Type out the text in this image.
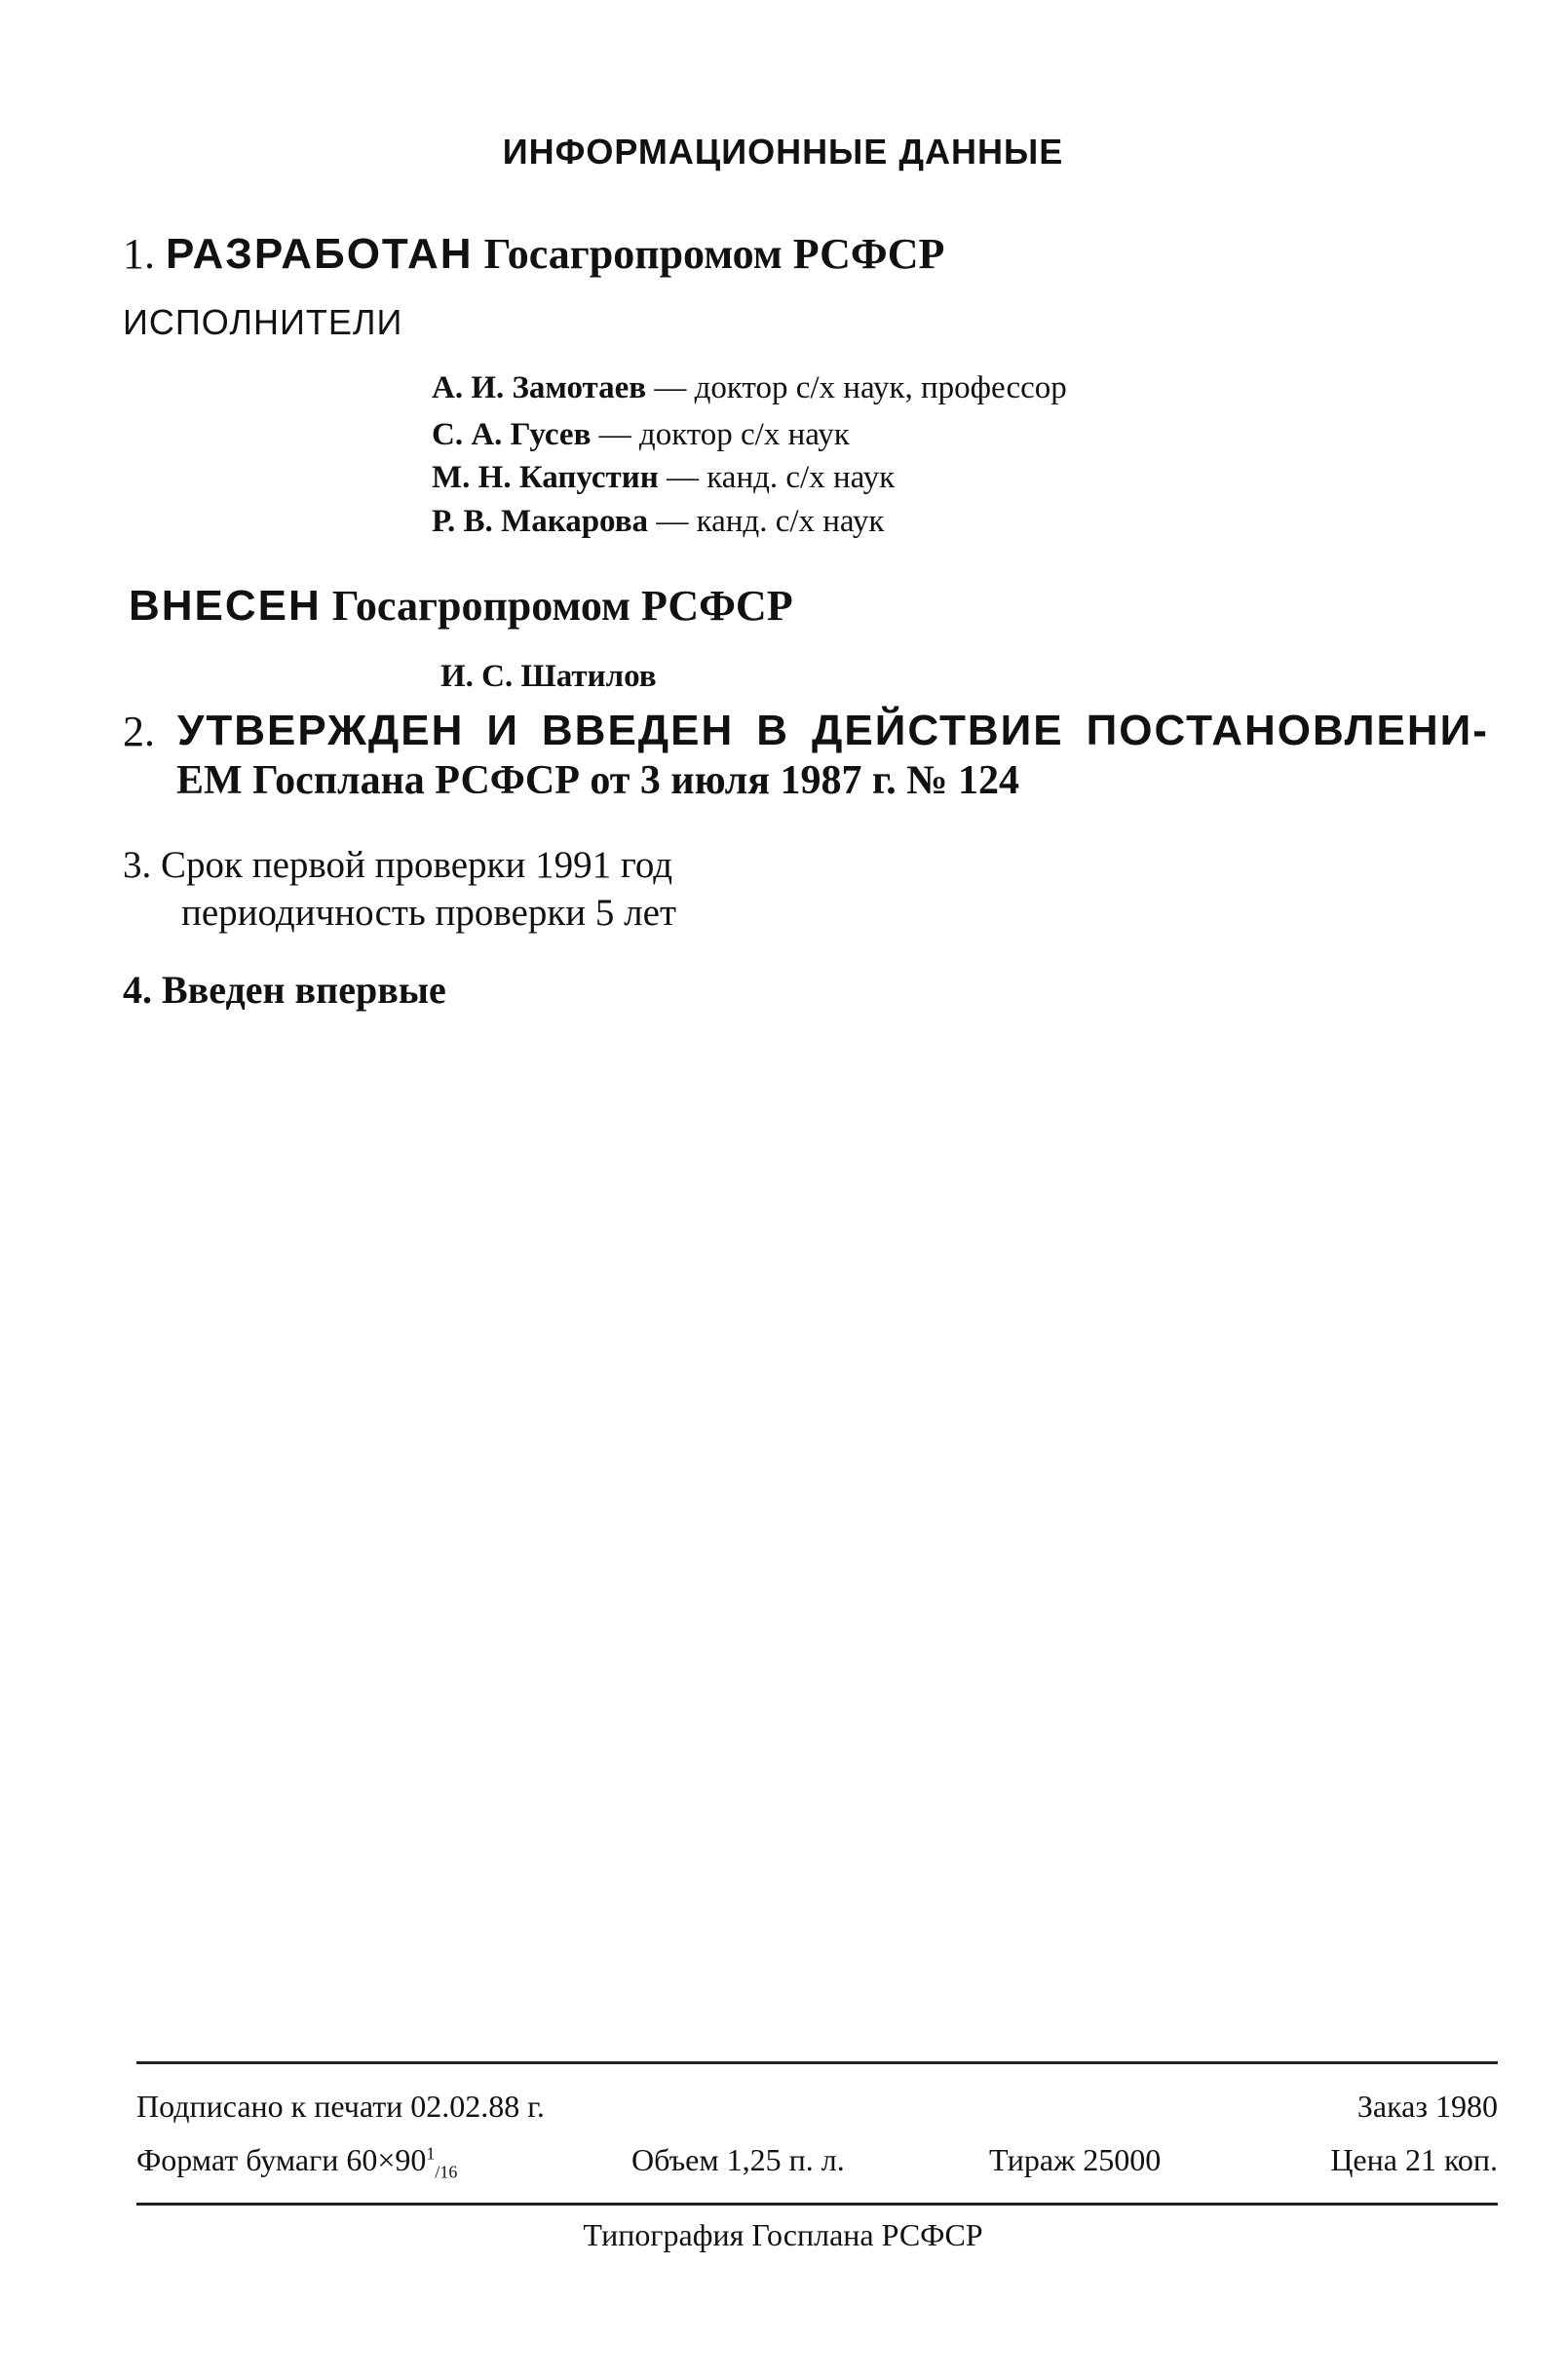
ИНФОРМАЦИОННЫЕ ДАННЫЕ
1. РАЗРАБОТАН Госагропромом РСФСР
ИСПОЛНИТЕЛИ
А. И. Замотаев — доктор с/х наук, профессор
С. А. Гусев — доктор с/х наук
М. Н. Капустин — канд. с/х наук
Р. В. Макарова — канд. с/х наук
ВНЕСЕН Госагропромом РСФСР
И. С. Шатилов
2. УТВЕРЖДЕН И ВВЕДЕН В ДЕЙСТВИЕ ПОСТАНОВЛЕНИ-
ЕМ Госплана РСФСР от 3 июля 1987 г. № 124
3. Срок первой проверки 1991 год
периодичность проверки 5 лет
4. Введен впервые
Подписано к печати 02.02.88 г.	Заказ 1980
Формат бумаги $60\times 90^1_{/16}$	Объем 1,25 п. л.	Тираж 25000	Цена 21 коп.
Типография Госплана РСФСР
